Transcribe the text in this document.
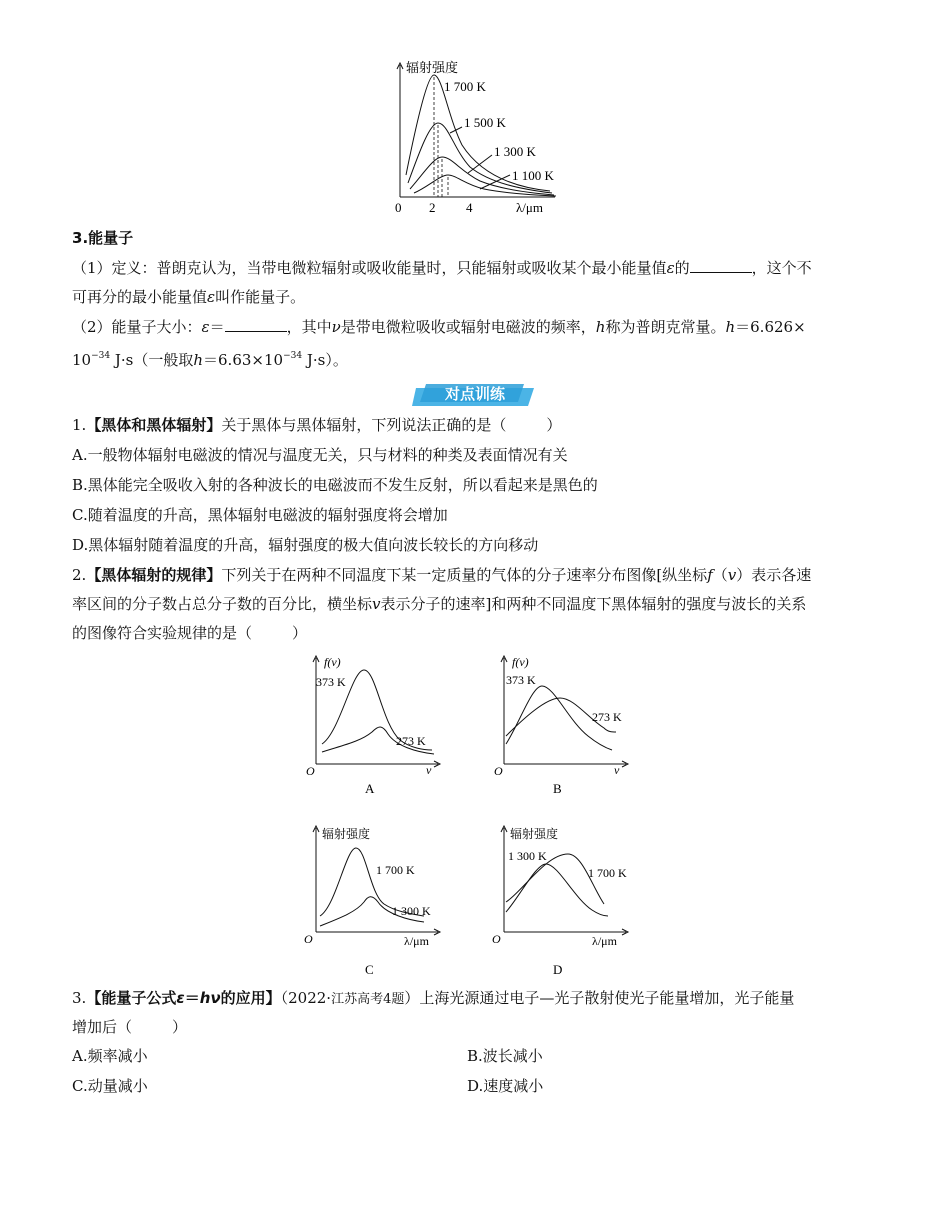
辐射强度
1 700 K
1 500 K
1 300 K
1 100 K
0 2 4	λ/μm
3.能量子
（1）定义：普朗克认为，当带电微粒辐射或吸收能量时，只能辐射或吸收某个最小能量值ε的	，这个不
可再分的最小能量值ε叫作能量子。
（2）能量子大小：ε＝	，其中ν是带电微粒吸收或辐射电磁波的频率，h称为普朗克常量。h＝6.626×
$10^{-34}$ J·s（一般取$h=6.63\times 10^{-34}$ J·s）。
对点训练
1.【黑体和黑体辐射】关于黑体与黑体辐射，下列说法正确的是（	）
A.一般物体辐射电磁波的情况与温度无关，只与材料的种类及表面情况有关
B.黑体能完全吸收入射的各种波长的电磁波而不发生反射，所以看起来是黑色的
C.随着温度的升高，黑体辐射电磁波的辐射强度将会增加
D.黑体辐射随着温度的升高，辐射强度的极大值向波长较长的方向移动
2.【黑体辐射的规律】下列关于在两种不同温度下某一定质量的气体的分子速率分布图像[纵坐标f（v）表示各速
率区间的分子数占总分子数的百分比，横坐标v表示分子的速率]和两种不同温度下黑体辐射的强度与波长的关系
的图像符合实验规律的是（	）
f(v)
373 K
273 K
O	v
A
f(v)
373 K
273 K
O	v
B
辐射强度
1 700 K
1 300 K
O	λ/μm
C
辐射强度
1 300 K
1 700 K
O	λ/μm
D
3.【能量子公式ε＝hν的应用】（2022·江苏高考4题）上海光源通过电子—光子散射使光子能量增加，光子能量
增加后（	）
A.频率减小	B.波长减小
C.动量减小	D.速度减小
